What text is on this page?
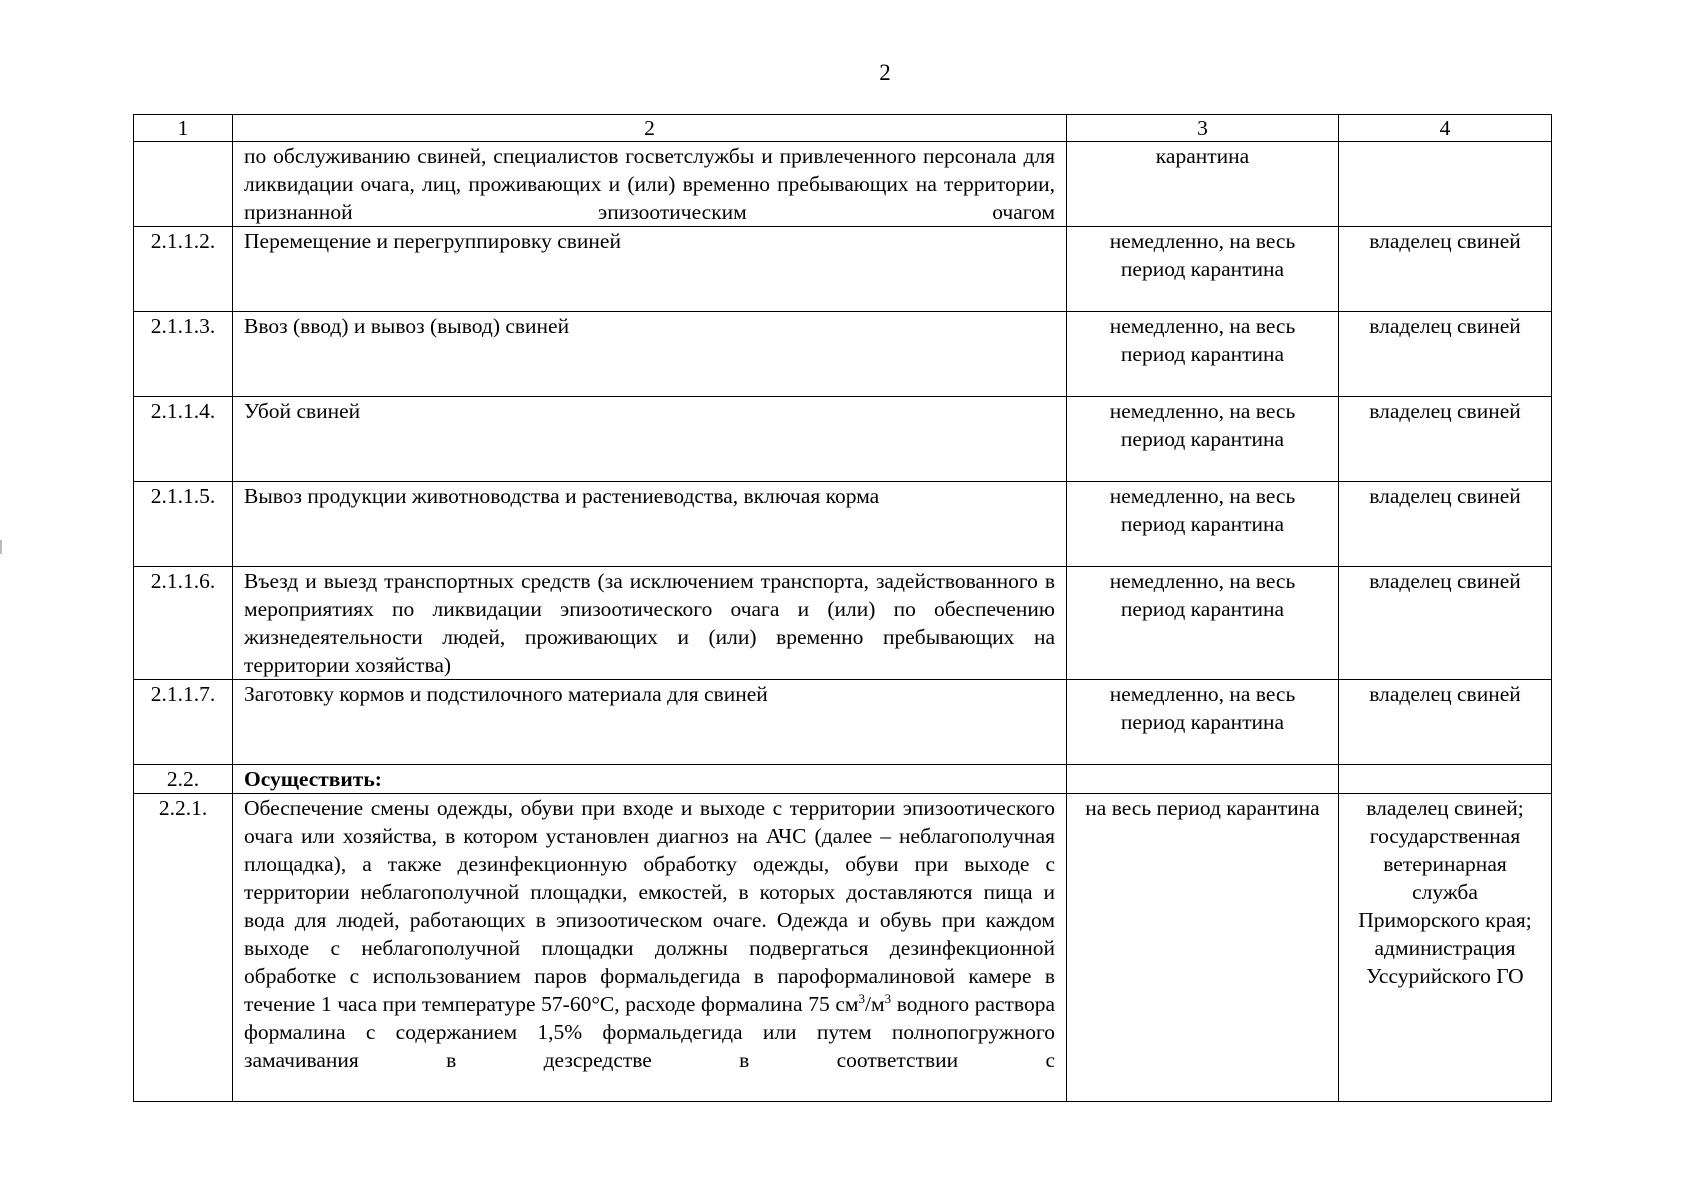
2
1	2	3	4

	по обслуживанию свиней, специалистов госветслужбы и привлеченного персонала для ликвидации очага, лиц, проживающих и (или) временно пребывающих на территории, признанной эпизоотическим очагом	карантина	
2.1.1.2.	Перемещение и перегруппировку свиней	немедленно, на весь период карантина	владелец свиней
2.1.1.3.	Ввоз (ввод) и вывоз (вывод) свиней	немедленно, на весь период карантина	владелец свиней
2.1.1.4.	Убой свиней	немедленно, на весь период карантина	владелец свиней
2.1.1.5.	Вывоз продукции животноводства и растениеводства, включая корма	немедленно, на весь период карантина	владелец свиней
2.1.1.6.	Въезд и выезд транспортных средств (за исключением транспорта, задействованного в мероприятиях по ликвидации эпизоотического очага и (или) по обеспечению жизнедеятельности людей, проживающих и (или) временно пребывающих на территории хозяйства)	немедленно, на весь период карантина	владелец свиней
2.1.1.7.	Заготовку кормов и подстилочного материала для свиней	немедленно, на весь период карантина	владелец свиней
2.2.	Осуществить:		
2.2.1.	Обеспечение смены одежды, обуви при входе и выходе с территории эпизоотического очага или хозяйства, в котором установлен диагноз на АЧС (далее – неблагополучная площадка), а также дезинфекционную обработку одежды, обуви при выходе с территории неблагополучной площадки, емкостей, в которых доставляются пища и вода для людей, работающих в эпизоотическом очаге. Одежда и обувь при каждом выходе с неблагополучной площадки должны подвергаться дезинфекционной обработке с использованием паров формальдегида в пароформалиновой камере в течение 1 часа при температуре 57-60°С, расходе формалина 75 $см^3/м^3$ водного раствора формалина с содержанием 1,5% формальдегида или путем полнопогружного замачивания в дезсредстве в соответствии с	на весь период карантина	владелец свиней; государственная ветеринарная служба Приморского края; администрация Уссурийского ГО
